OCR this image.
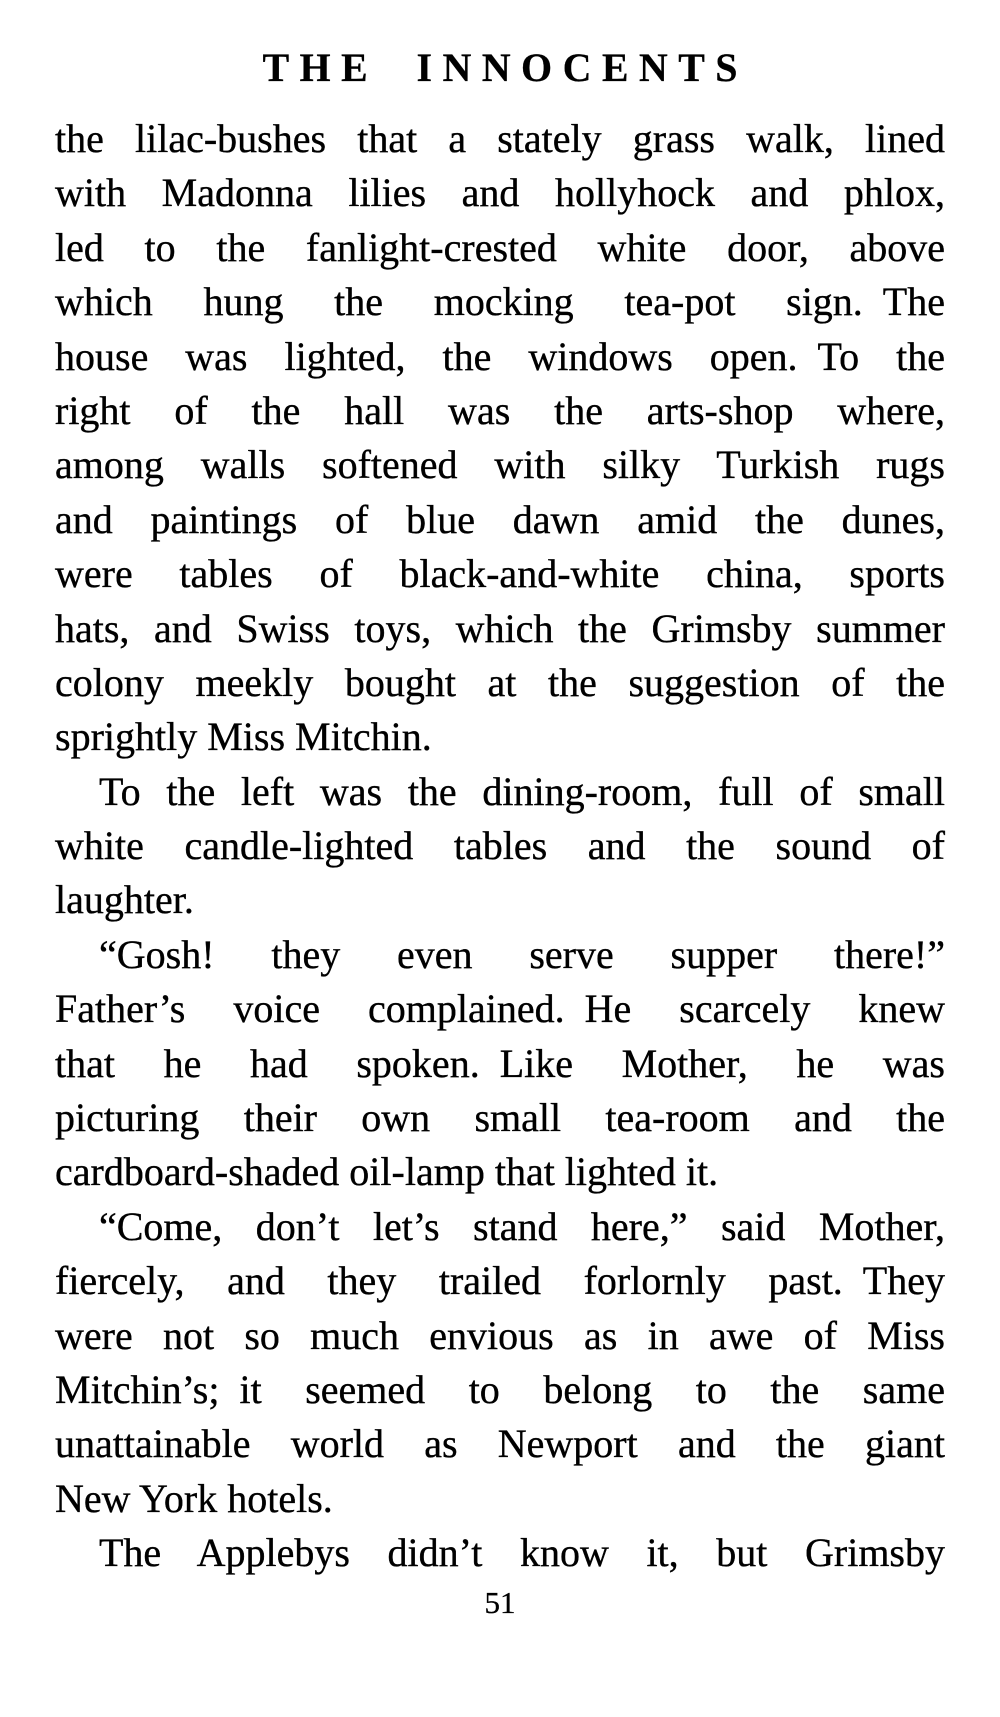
THE INNOCENTS
the lilac-bushes that a stately grass walk, lined
with Madonna lilies and hollyhock and phlox,
led to the fanlight-crested white door, above
which hung the mocking tea-pot sign. The
house was lighted, the windows open. To the
right of the hall was the arts-shop where,
among walls softened with silky Turkish rugs
and paintings of blue dawn amid the dunes,
were tables of black-and-white china, sports
hats, and Swiss toys, which the Grimsby summer
colony meekly bought at the suggestion of the
sprightly Miss Mitchin.
To the left was the dining-room, full of small
white candle-lighted tables and the sound of
laughter.
“Gosh! they even serve supper there!”
Father’s voice complained. He scarcely knew
that he had spoken. Like Mother, he was
picturing their own small tea-room and the
cardboard-shaded oil-lamp that lighted it.
“Come, don’t let’s stand here,” said Mother,
fiercely, and they trailed forlornly past. They
were not so much envious as in awe of Miss
Mitchin’s; it seemed to belong to the same
unattainable world as Newport and the giant
New York hotels.
The Applebys didn’t know it, but Grimsby
51
